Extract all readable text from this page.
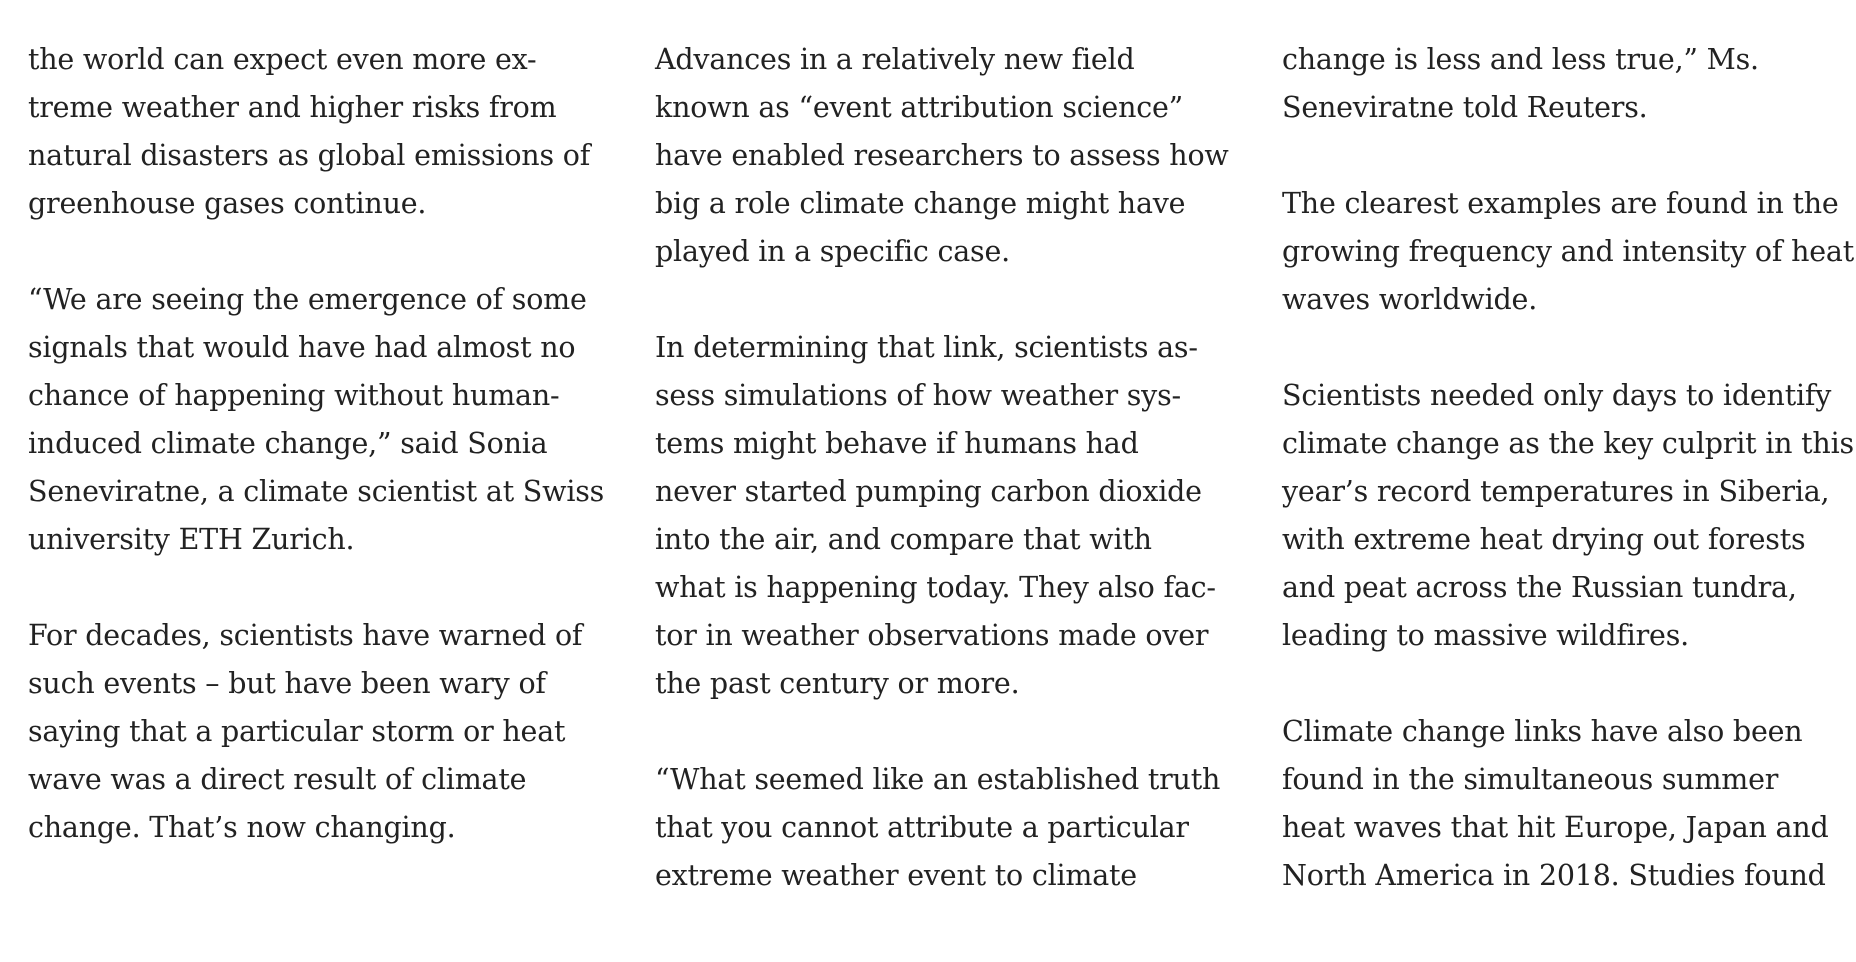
the world can expect even more ex-
treme weather and higher risks from
natural disasters as global emissions of
greenhouse gases continue.

“We are seeing the emergence of some
signals that would have had almost no
chance of happening without human-
induced climate change,” said Sonia
Seneviratne, a climate scientist at Swiss
university ETH Zurich.

For decades, scientists have warned of
such events – but have been wary of
saying that a particular storm or heat
wave was a direct result of climate
change. That’s now changing.

Advances in a relatively new field
known as “event attribution science”
have enabled researchers to assess how
big a role climate change might have
played in a specific case.

In determining that link, scientists as-
sess simulations of how weather sys-
tems might behave if humans had
never started pumping carbon dioxide
into the air, and compare that with
what is happening today. They also fac-
tor in weather observations made over
the past century or more.

“What seemed like an established truth
that you cannot attribute a particular
extreme weather event to climate

change is less and less true,” Ms.
Seneviratne told Reuters.

The clearest examples are found in the
growing frequency and intensity of heat
waves worldwide.

Scientists needed only days to identify
climate change as the key culprit in this
year’s record temperatures in Siberia,
with extreme heat drying out forests
and peat across the Russian tundra,
leading to massive wildfires.

Climate change links have also been
found in the simultaneous summer
heat waves that hit Europe, Japan and
North America in 2018. Studies found
